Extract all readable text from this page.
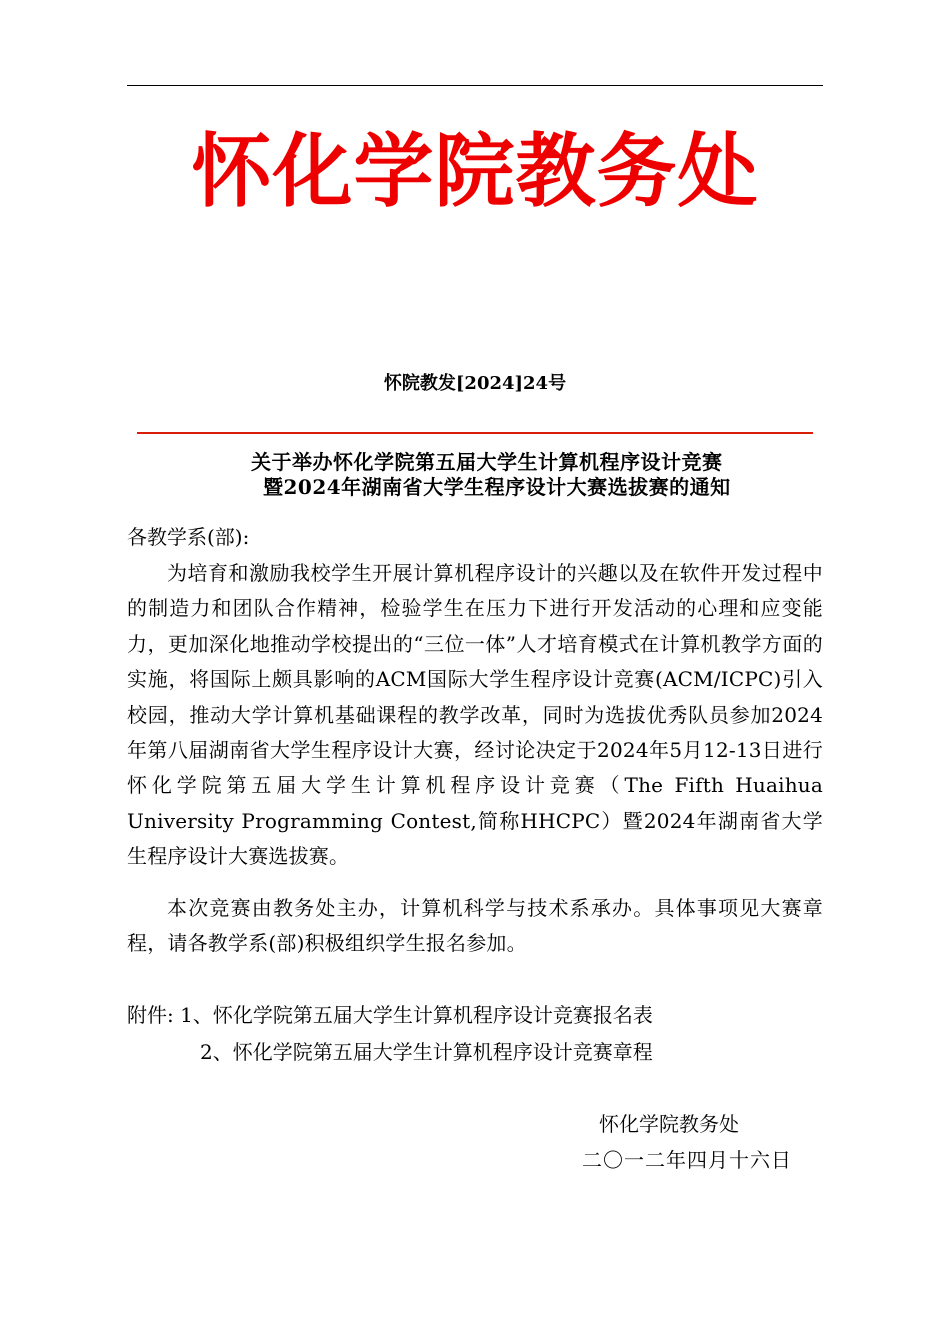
怀化学院教务处
怀院教发[2024]24号
关于举办怀化学院第五届大学生计算机程序设计竞赛
暨2024年湖南省大学生程序设计大赛选拔赛的通知
各教学系(部):
为培育和激励我校学生开展计算机程序设计的兴趣以及在软件开发过程中的制造力和团队合作精神，检验学生在压力下进行开发活动的心理和应变能力，更加深化地推动学校提出的“三位一体”人才培育模式在计算机教学方面的实施，将国际上颇具影响的ACM国际大学生程序设计竞赛(ACM/ICPC)引入校园，推动大学计算机基础课程的教学改革，同时为选拔优秀队员参加2024年第八届湖南省大学生程序设计大赛，经讨论决定于2024年5月12-13日进行怀化学院第五届大学生计算机程序设计竞赛（The Fifth Huaihua University Programming Contest,简称HHCPC）暨2024年湖南省大学生程序设计大赛选拔赛。
本次竞赛由教务处主办，计算机科学与技术系承办。具体事项见大赛章程，请各教学系(部)积极组织学生报名参加。
附件: 1、怀化学院第五届大学生计算机程序设计竞赛报名表
2、怀化学院第五届大学生计算机程序设计竞赛章程
怀化学院教务处
二〇一二年四月十六日
